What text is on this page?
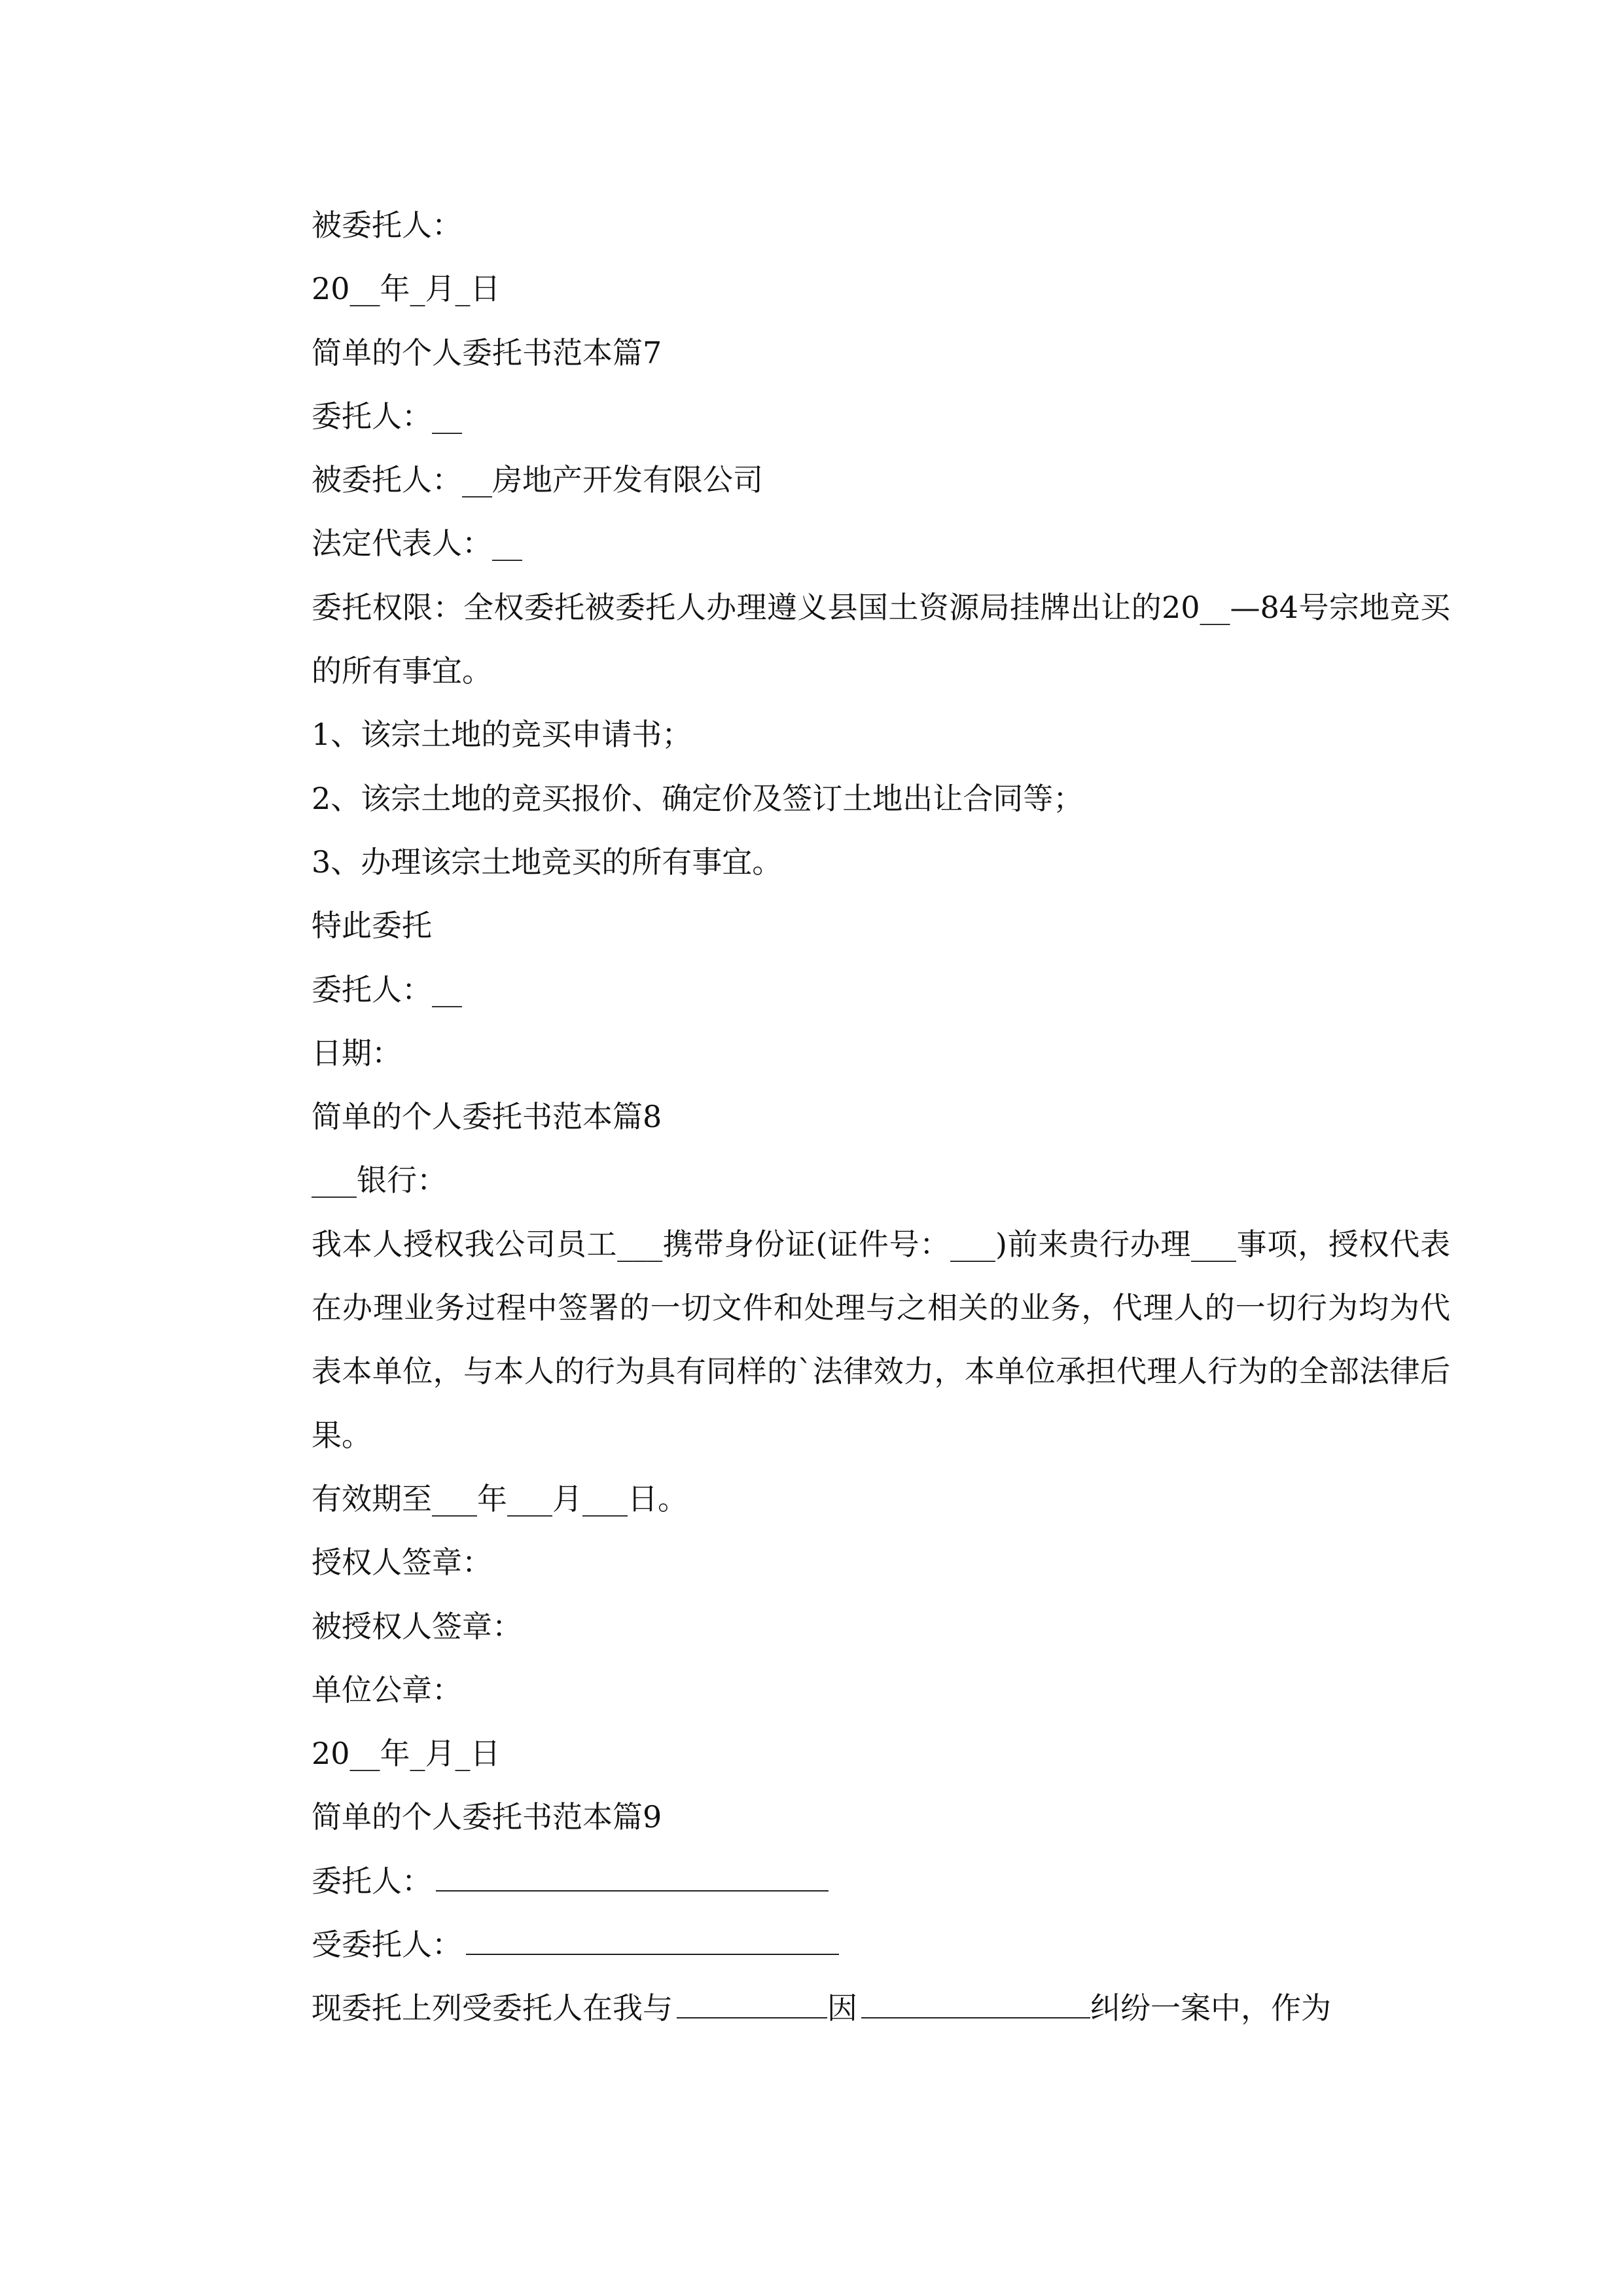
被委托人：

20__年_月_日

简单的个人委托书范本篇7

委托人：__

被委托人：__房地产开发有限公司

法定代表人：__

委托权限：全权委托被委托人办理遵义县国土资源局挂牌出让的20__—84号宗地竞买的所有事宜。

1、该宗土地的竞买申请书；

2、该宗土地的竞买报价、确定价及签订土地出让合同等；

3、办理该宗土地竞买的所有事宜。

特此委托

委托人：__

日期：

简单的个人委托书范本篇8

___银行：

我本人授权我公司员工___携带身份证(证件号：___)前来贵行办理___事项，授权代表在办理业务过程中签署的一切文件和处理与之相关的业务，代理人的一切行为均为代表本单位，与本人的行为具有同样的`法律效力，本单位承担代理人行为的全部法律后果。

有效期至___年___月___日。

授权人签章：

被授权人签章：

单位公章：

20__年_月_日

简单的个人委托书范本篇9

委托人：

受委托人：

现委托上列受委托人在我与	因	纠纷一案中，作为
